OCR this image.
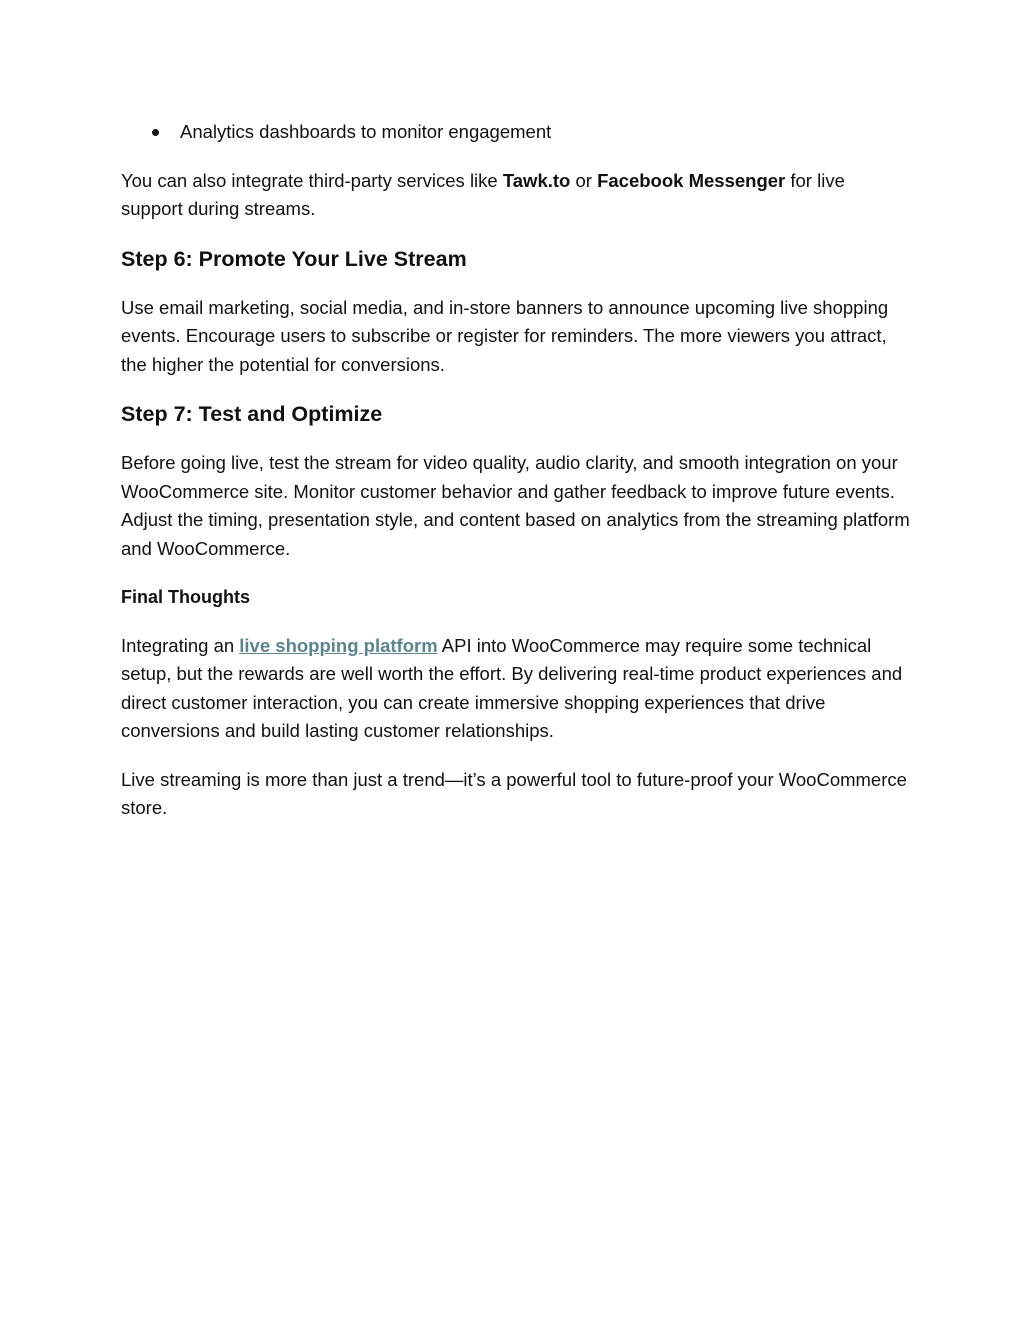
Analytics dashboards to monitor engagement

You can also integrate third-party services like Tawk.to or Facebook Messenger for live support during streams.

Step 6: Promote Your Live Stream

Use email marketing, social media, and in-store banners to announce upcoming live shopping events. Encourage users to subscribe or register for reminders. The more viewers you attract, the higher the potential for conversions.

Step 7: Test and Optimize

Before going live, test the stream for video quality, audio clarity, and smooth integration on your WooCommerce site. Monitor customer behavior and gather feedback to improve future events. Adjust the timing, presentation style, and content based on analytics from the streaming platform and WooCommerce.

Final Thoughts

Integrating an live shopping platform API into WooCommerce may require some technical setup, but the rewards are well worth the effort. By delivering real-time product experiences and direct customer interaction, you can create immersive shopping experiences that drive conversions and build lasting customer relationships.

Live streaming is more than just a trend—it’s a powerful tool to future-proof your WooCommerce store.
